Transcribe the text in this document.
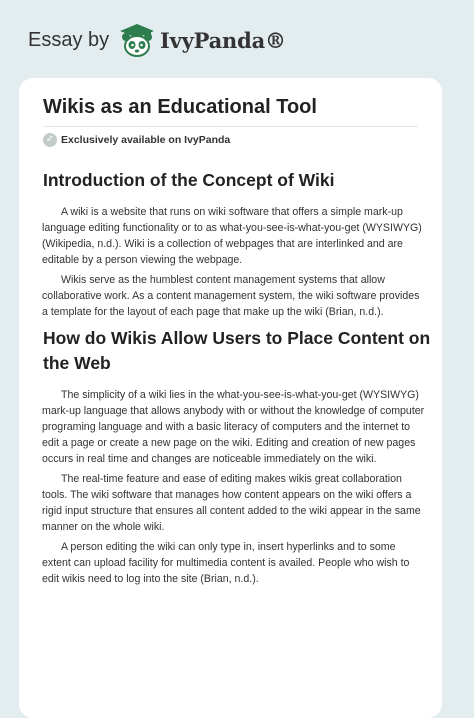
Essay by IvyPanda®
Wikis as an Educational Tool
✓ Exclusively available on IvyPanda
Introduction of the Concept of Wiki

A wiki is a website that runs on wiki software that offers a simple mark-up language editing functionality or to as what-you-see-is-what-you-get (WYSIWYG) (Wikipedia, n.d.). Wiki is a collection of webpages that are interlinked and are editable by a person viewing the webpage.

Wikis serve as the humblest content management systems that allow collaborative work. As a content management system, the wiki software provides a template for the layout of each page that make up the wiki (Brian, n.d.).

How do Wikis Allow Users to Place Content on the Web

The simplicity of a wiki lies in the what-you-see-is-what-you-get (WYSIWYG) mark-up language that allows anybody with or without the knowledge of computer programing language and with a basic literacy of computers and the internet to edit a page or create a new page on the wiki. Editing and creation of new pages occurs in real time and changes are noticeable immediately on the wiki.

The real-time feature and ease of editing makes wikis great collaboration tools. The wiki software that manages how content appears on the wiki offers a rigid input structure that ensures all content added to the wiki appear in the same manner on the whole wiki.

A person editing the wiki can only type in, insert hyperlinks and to some extent can upload facility for multimedia content is availed. People who wish to edit wikis need to log into the site (Brian, n.d.).
